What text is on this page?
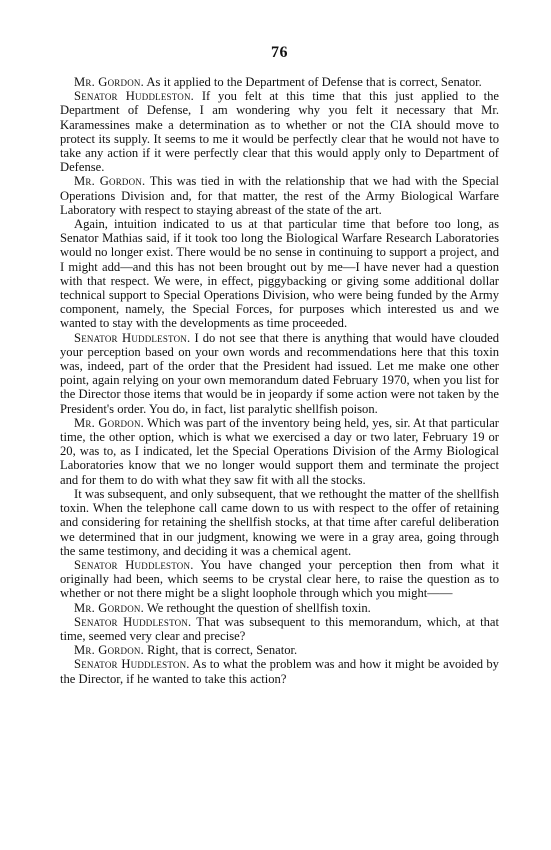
76

Mr. Gordon. As it applied to the Department of Defense that is correct, Senator.

Senator Huddleston. If you felt at this time that this just applied to the Department of Defense, I am wondering why you felt it necessary that Mr. Karamessines make a determination as to whether or not the CIA should move to protect its supply. It seems to me it would be perfectly clear that he would not have to take any action if it were perfectly clear that this would apply only to Department of Defense.

Mr. Gordon. This was tied in with the relationship that we had with the Special Operations Division and, for that matter, the rest of the Army Biological Warfare Laboratory with respect to staying abreast of the state of the art.

Again, intuition indicated to us at that particular time that before too long, as Senator Mathias said, if it took too long the Biological Warfare Research Laboratories would no longer exist. There would be no sense in continuing to support a project, and I might add—and this has not been brought out by me—I have never had a question with that respect. We were, in effect, piggybacking or giving some additional dollar technical support to Special Operations Division, who were being funded by the Army component, namely, the Special Forces, for purposes which interested us and we wanted to stay with the developments as time proceeded.

Senator Huddleston. I do not see that there is anything that would have clouded your perception based on your own words and recommendations here that this toxin was, indeed, part of the order that the President had issued. Let me make one other point, again relying on your own memorandum dated February 1970, when you list for the Director those items that would be in jeopardy if some action were not taken by the President's order. You do, in fact, list paralytic shellfish poison.

Mr. Gordon. Which was part of the inventory being held, yes, sir. At that particular time, the other option, which is what we exercised a day or two later, February 19 or 20, was to, as I indicated, let the Special Operations Division of the Army Biological Laboratories know that we no longer would support them and terminate the project and for them to do with what they saw fit with all the stocks.

It was subsequent, and only subsequent, that we rethought the matter of the shellfish toxin. When the telephone call came down to us with respect to the offer of retaining and considering for retaining the shellfish stocks, at that time after careful deliberation we determined that in our judgment, knowing we were in a gray area, going through the same testimony, and deciding it was a chemical agent.

Senator Huddleston. You have changed your perception then from what it originally had been, which seems to be crystal clear here, to raise the question as to whether or not there might be a slight loophole through which you might——

Mr. Gordon. We rethought the question of shellfish toxin.

Senator Huddleston. That was subsequent to this memorandum, which, at that time, seemed very clear and precise?

Mr. Gordon. Right, that is correct, Senator.

Senator Huddleston. As to what the problem was and how it might be avoided by the Director, if he wanted to take this action?
